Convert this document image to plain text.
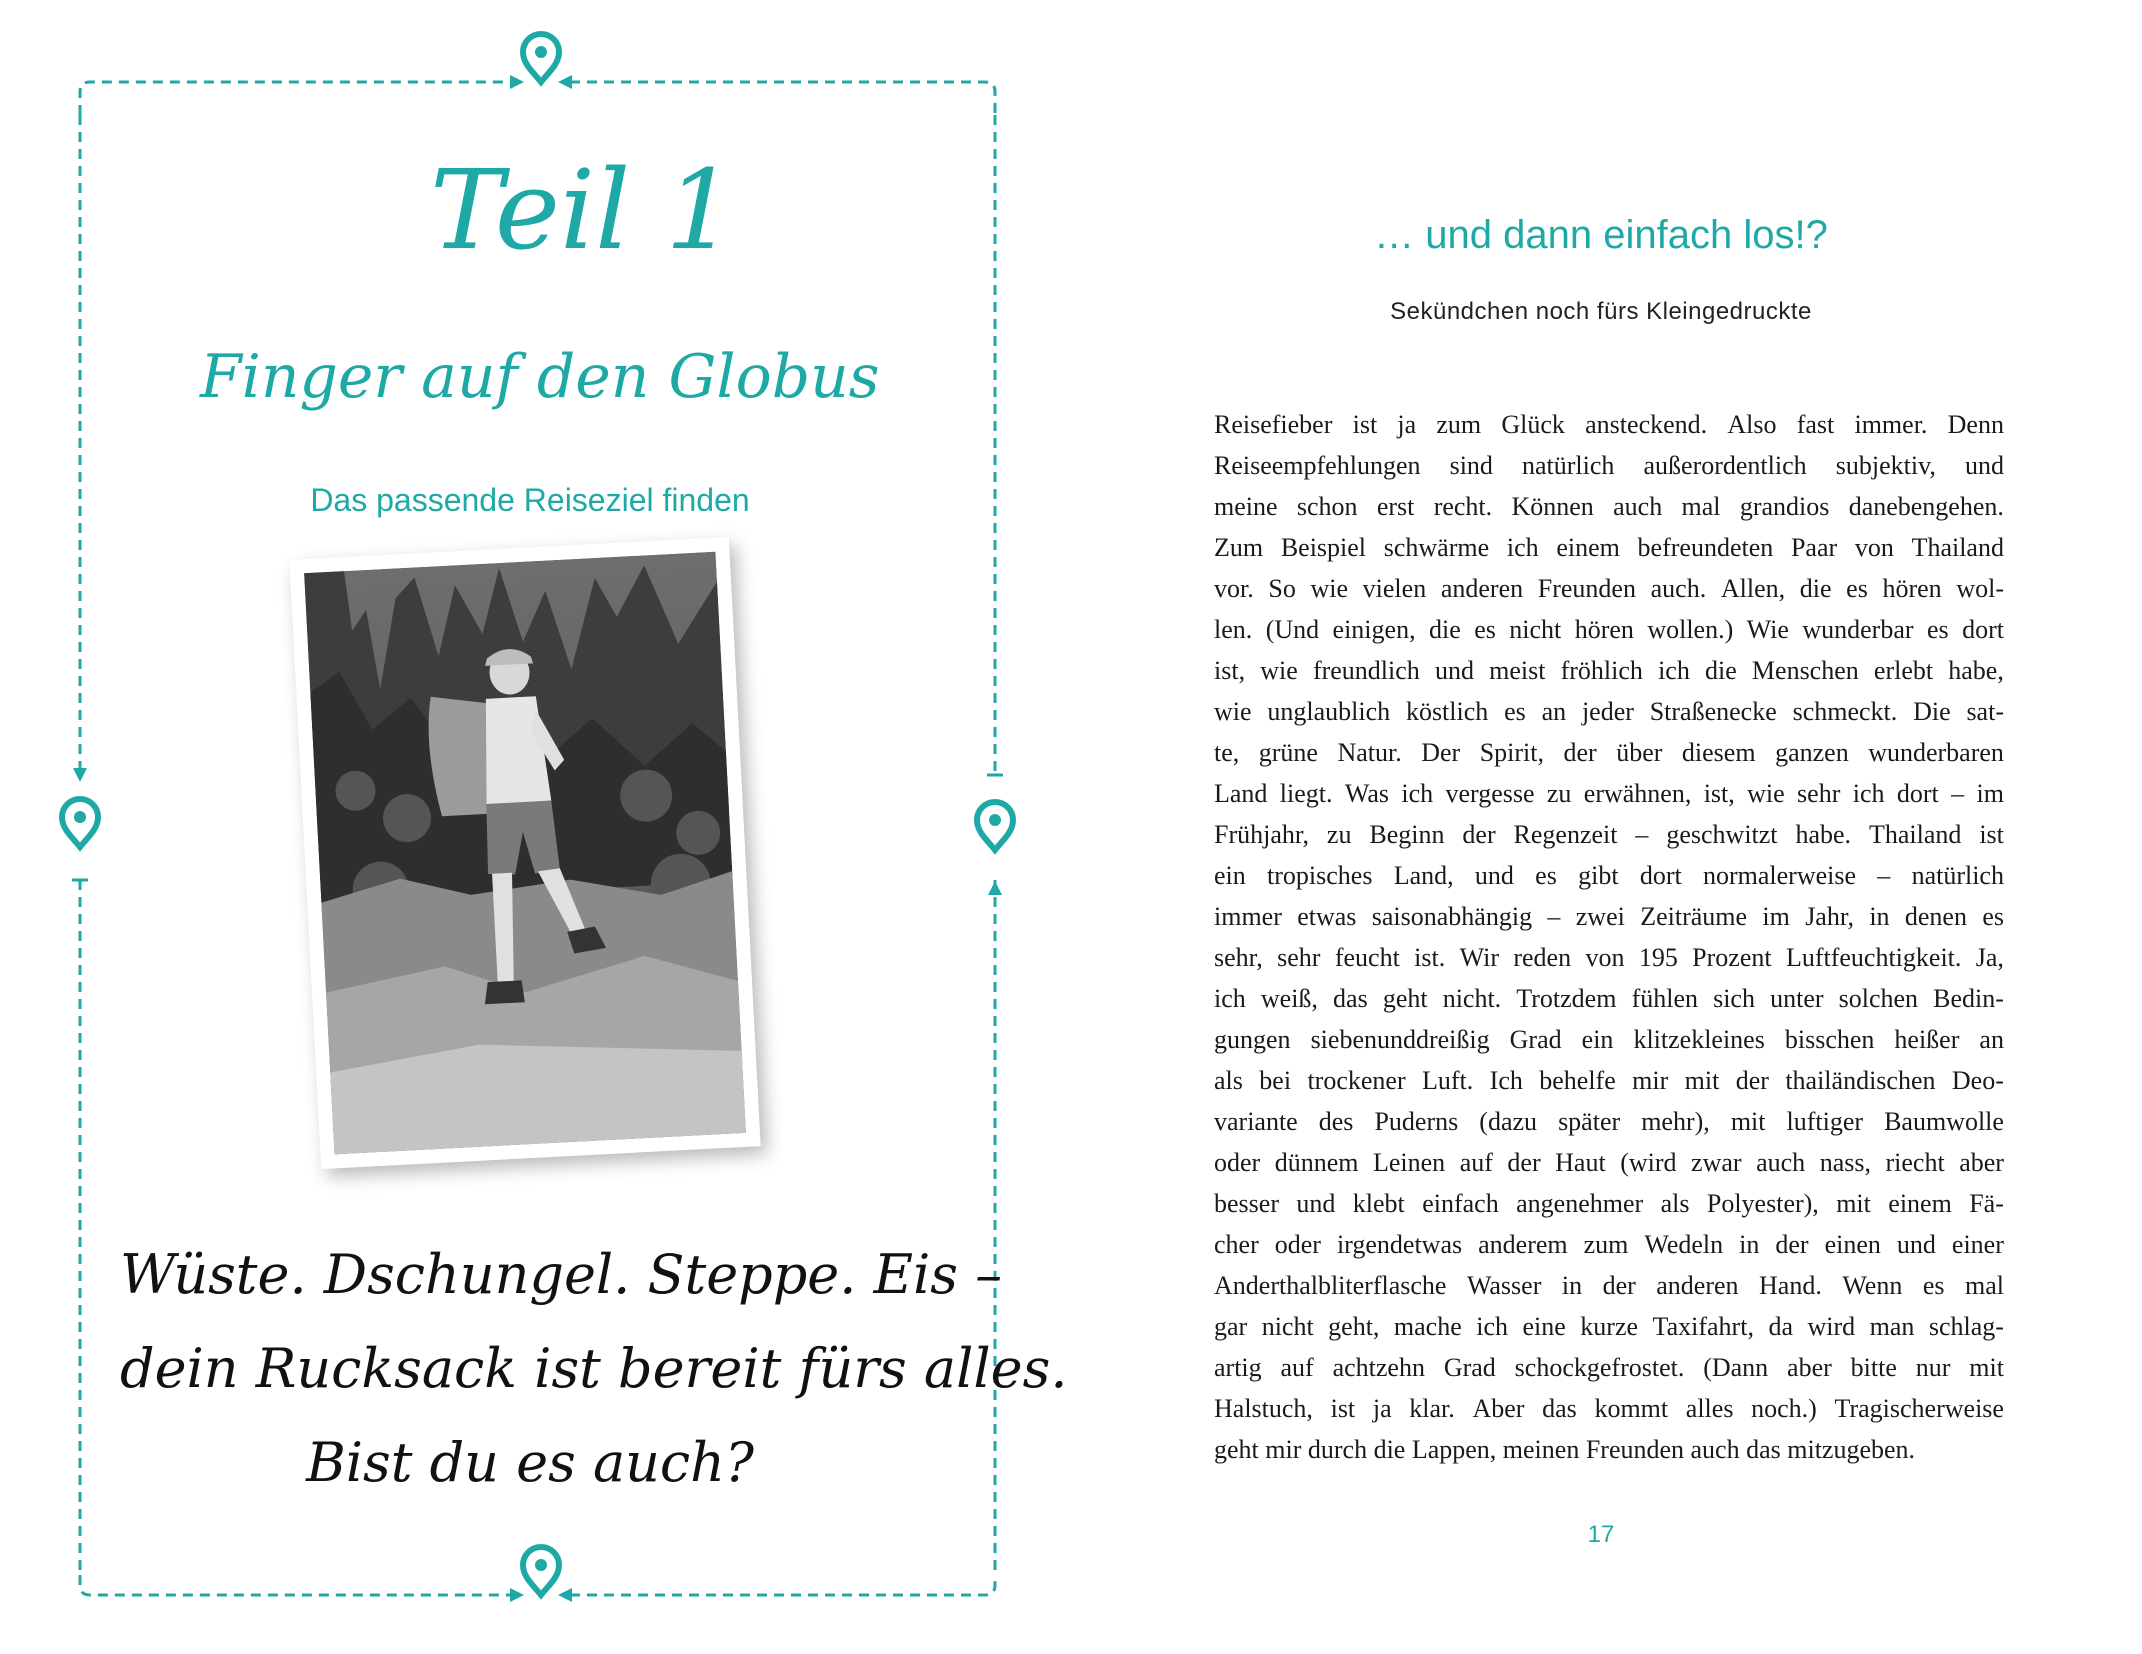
Teil 1
Finger auf den Globus
Das passende Reiseziel finden
Wüste. Dschungel. Steppe. Eis –
dein Rucksack ist bereit fürs alles.
Bist du es auch?
… und dann einfach los!?
Sekündchen noch fürs Kleingedruckte
Reisefieber ist ja zum Glück ansteckend. Also fast immer. Denn
Reiseempfehlungen sind natürlich außerordentlich subjektiv, und
meine schon erst recht. Können auch mal grandios danebengehen.
Zum Beispiel schwärme ich einem befreundeten Paar von Thailand
vor. So wie vielen anderen Freunden auch. Allen, die es hören wol-
len. (Und einigen, die es nicht hören wollen.) Wie wunderbar es dort
ist, wie freundlich und meist fröhlich ich die Menschen erlebt habe,
wie unglaublich köstlich es an jeder Straßenecke schmeckt. Die sat-
te, grüne Natur. Der Spirit, der über diesem ganzen wunderbaren
Land liegt. Was ich vergesse zu erwähnen, ist, wie sehr ich dort – im
Frühjahr, zu Beginn der Regenzeit – geschwitzt habe. Thailand ist
ein tropisches Land, und es gibt dort normalerweise – natürlich
immer etwas saisonabhängig – zwei Zeiträume im Jahr, in denen es
sehr, sehr feucht ist. Wir reden von 195 Prozent Luftfeuchtigkeit. Ja,
ich weiß, das geht nicht. Trotzdem fühlen sich unter solchen Bedin-
gungen siebenunddreißig Grad ein klitzekleines bisschen heißer an
als bei trockener Luft. Ich behelfe mir mit der thailändischen Deo-
variante des Puderns (dazu später mehr), mit luftiger Baumwolle
oder dünnem Leinen auf der Haut (wird zwar auch nass, riecht aber
besser und klebt einfach angenehmer als Polyester), mit einem Fä-
cher oder irgendetwas anderem zum Wedeln in der einen und einer
Anderthalbliterflasche Wasser in der anderen Hand. Wenn es mal
gar nicht geht, mache ich eine kurze Taxifahrt, da wird man schlag-
artig auf achtzehn Grad schockgefrostet. (Dann aber bitte nur mit
Halstuch, ist ja klar. Aber das kommt alles noch.) Tragischerweise
geht mir durch die Lappen, meinen Freunden auch das mitzugeben.
17
